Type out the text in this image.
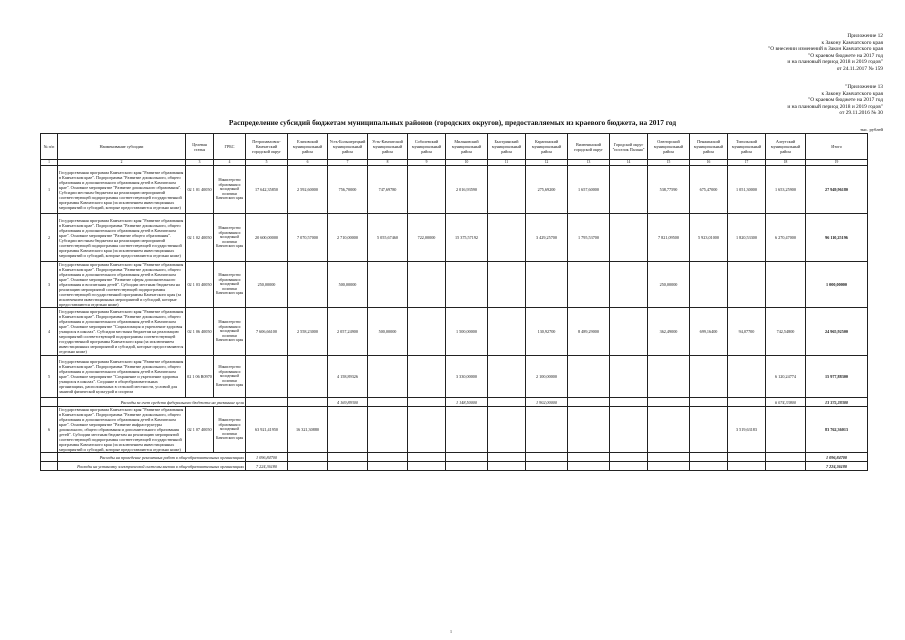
Приложение 12
к Закону Камчатского края
"О внесении изменений в Закон Камчатского края
"О краевом бюджете на 2017 год
и на плановый период 2018 и 2019 годов"
от 24.11.2017 № 159
"Приложение 13
к Закону Камчатского края
"О краевом бюджете на 2017 год
и на плановый период 2018 и 2019 годов"
от 29.11.2016 № 30
Распределение субсидий бюджетам муниципальных районов (городских округов), предоставляемых из краевого бюджета, на 2017 год
тыс. рублей
№ п/п	Наименование субсидии	Целевая статья	ГРБС	Петропавловск-Камчатский городской округ	Елизовский муниципальный район	Усть-Большерецкий муниципальный район	Усть-Камчатский муниципальный район	Соболевский муниципальный район	Мильковский муниципальный район	Быстринский муниципальный район	Карагинский муниципальный район	Вилючинский городской округ	Городской округ "поселок Палана"	Олюторский муниципальный район	Пенжинский муниципальный район	Тигильский муниципальный район	Алеутский муниципальный район	Итого
1	2	3	4	5	6	7	8	9	10	11	12	13	14	15	16	17	18	19
1	Государственная программа Камчатского края "Развитие образования в Камчатском крае". Подпрограмма "Развитие дошкольного, общего образования и дополнительного образования детей в Камчатском крае". Основное мероприятие "Развитие дошкольного образования". Субсидии местным бюджетам на реализацию мероприятий соответствующей подпрограммы соответствующей государственной программы Камчатского края (за исключением инвестиционных мероприятий и субсидий, которые предоставляются отдельно ниже)	02 1 01 40050	Министерство образования и молодежной политики Камчатского края	17 642,35850	2 592,60000	756,70000	747,69780		2 016,93590		275,69200	1 657,60000		538,77590	675,47000	1 051,30000	1 653,25900	27 949,96180
2	Государственная программа Камчатского края "Развитие образования в Камчатском крае". Подпрограмма "Развитие дошкольного, общего образования и дополнительного образования детей в Камчатском крае". Основное мероприятие "Развитие общего образования". Субсидии местным бюджетам на реализацию мероприятий соответствующей подпрограммы соответствующей государственной программы Камчатского края (за исключением инвестиционных мероприятий и субсидий, которые предоставляются отдельно ниже)	02 1 02 40050	Министерство образования и молодежной политики Камчатского края	20 600,00000	7 070,57000	2 710,00000	5 055,67460	722,00000	15 375,57192		3 429,25700	1 795,53700		7 821,09500	5 923,01000	1 820,53300	6 270,47000	96 110,25196
3	Государственная программа Камчатского края "Развитие образования в Камчатском крае". Подпрограмма "Развитие дошкольного, общего образования и дополнительного образования детей в Камчатском крае". Основное мероприятие "Развитие сферы дополнительного образования и воспитания детей". Субсидии местным бюджетам на реализацию мероприятий соответствующей подпрограммы соответствующей государственной программы Камчатского края (за исключением инвестиционных мероприятий и субсидий, которые предоставляются отдельно ниже)	02 1 03 40050	Министерство образования и молодежной политики Камчатского края	250,00000		500,00000								250,00000				1 000,00000
4	Государственная программа Камчатского края "Развитие образования в Камчатском крае". Подпрограмма "Развитие дошкольного, общего образования и дополнительного образования детей в Камчатском крае". Основное мероприятие "Социализация и укрепление здоровья учащихся в школах". Субсидии местным бюджетам на реализацию мероприятий соответствующей подпрограммы соответствующей государственной программы Камчатского края (за исключением инвестиционных мероприятий и субсидий, которые предоставляются отдельно ниже)	02 1 06 40050	Министерство образования и молодежной политики Камчатского края	7 606,66100	2 558,23000	2 057,24900	500,00000		1 500,00000		130,92700	8 489,29000		362,49000	699,16400	94,07700	742,54800	24 965,92500
5	Государственная программа Камчатского края "Развитие образования в Камчатском крае". Подпрограмма "Развитие дошкольного, общего образования и дополнительного образования детей в Камчатском крае". Основное мероприятие "Сохранение и укрепление здоровья учащихся в школах". Создание в общеобразовательных организациях, расположенных в сельской местности, условий для занятий физической культурой и спортом	02 1 06 R0970	Министерство образования и молодежной политики Камчатского края			4 158,89326			3 330,00000		2 100,00000						6 120,24774	15 977,88300
	Расходы за счет средств федерального бюджета на указанные цели					4 169,89300			1 148,50000		1 902,00000						6 074,33800	13 375,28300
6	Государственная программа Камчатского края "Развитие образования в Камчатском крае". Подпрограмма "Развитие дошкольного, общего образования и дополнительного образования детей в Камчатском крае". Основное мероприятие "Развитие инфраструктуры дошкольного, общего образования и дополнительного образования детей". Субсидии местным бюджетам на реализацию мероприятий соответствующей подпрограммы соответствующей государственной программы Камчатского края (за исключением инвестиционных мероприятий и субсидий, которые предоставляются отдельно ниже)	02 1 07 40050	Министерство образования и молодежной политики Камчатского края	63 921,41950	16 321,30880											3 519,63183		83 762,36013
	Расходы на проведение ремонтных работ в общеобразовательных организациях			1 096,84700														1 096,84700
	Расходы на установку электрической системы вызова в общеобразовательных организациях			7 224,36180														7 224,36180
1
